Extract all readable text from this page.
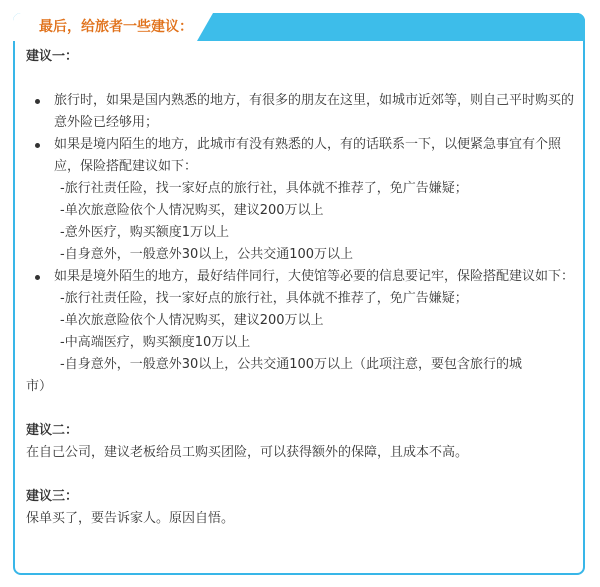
最后，给旅者一些建议：

建议一：

旅行时，如果是国内熟悉的地方，有很多的朋友在这里，如城市近郊等，则自己平时购买的意外险已经够用；
如果是境内陌生的地方，此城市有没有熟悉的人，有的话联系一下，以便紧急事宜有个照应，保险搭配建议如下：
-旅行社责任险，找一家好点的旅行社，具体就不推荐了，免广告嫌疑；
-单次旅意险依个人情况购买，建议200万以上
-意外医疗，购买额度1万以上
-自身意外，一般意外30以上，公共交通100万以上
如果是境外陌生的地方，最好结伴同行，大使馆等必要的信息要记牢，保险搭配建议如下：
-旅行社责任险，找一家好点的旅行社，具体就不推荐了，免广告嫌疑；
-单次旅意险依个人情况购买，建议200万以上
-中高端医疗，购买额度10万以上
-自身意外，一般意外30以上，公共交通100万以上（此项注意，要包含旅行的城
市）

建议二：

在自己公司，建议老板给员工购买团险，可以获得额外的保障，且成本不高。

建议三：

保单买了，要告诉家人。原因自悟。
